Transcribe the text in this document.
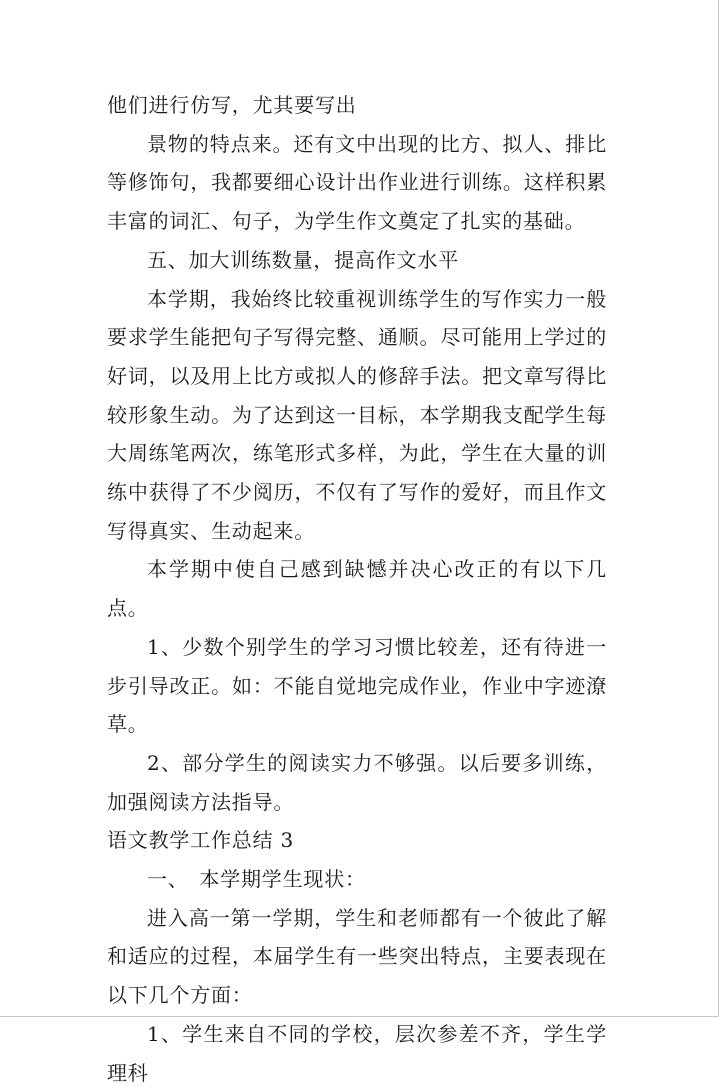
他们进行仿写，尤其要写出

景物的特点来。还有文中出现的比方、拟人、排比等修饰句，我都要细心设计出作业进行训练。这样积累丰富的词汇、句子，为学生作文奠定了扎实的基础。

五、加大训练数量，提高作文水平

本学期，我始终比较重视训练学生的写作实力一般要求学生能把句子写得完整、通顺。尽可能用上学过的好词，以及用上比方或拟人的修辞手法。把文章写得比较形象生动。为了达到这一目标，本学期我支配学生每大周练笔两次，练笔形式多样，为此，学生在大量的训练中获得了不少阅历，不仅有了写作的爱好，而且作文写得真实、生动起来。

本学期中使自己感到缺憾并决心改正的有以下几点。

1、少数个别学生的学习习惯比较差，还有待进一步引导改正。如：不能自觉地完成作业，作业中字迹潦草。

2、部分学生的阅读实力不够强。以后要多训练，加强阅读方法指导。

语文教学工作总结 3

一、　本学期学生现状：

进入高一第一学期，学生和老师都有一个彼此了解和适应的过程，本届学生有一些突出特点，主要表现在以下几个方面：

1、学生来自不同的学校，层次参差不齐，学生学理科
